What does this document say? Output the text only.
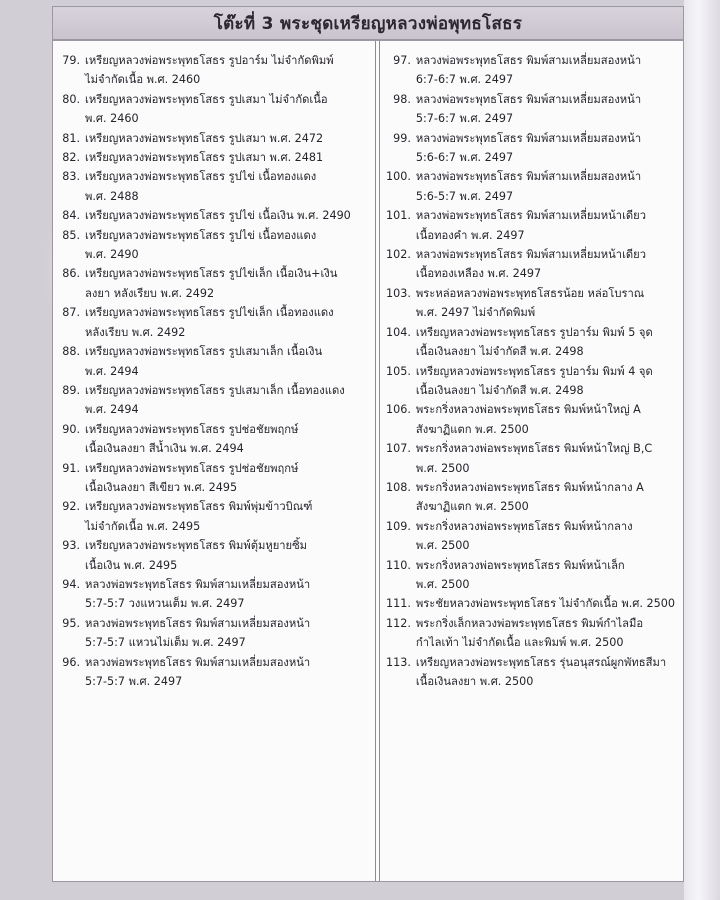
โต๊ะที่ 3 พระชุดเหรียญหลวงพ่อพุทธโสธร
79. เหรียญหลวงพ่อพระพุทธโสธร รูปอาร์ม ไม่จำกัดพิมพ์
ไม่จำกัดเนื้อ พ.ศ. 2460
80. เหรียญหลวงพ่อพระพุทธโสธร รูปเสมา ไม่จำกัดเนื้อ
พ.ศ. 2460
81. เหรียญหลวงพ่อพระพุทธโสธร รูปเสมา พ.ศ. 2472
82. เหรียญหลวงพ่อพระพุทธโสธร รูปเสมา พ.ศ. 2481
83. เหรียญหลวงพ่อพระพุทธโสธร รูปไข่ เนื้อทองแดง
พ.ศ. 2488
84. เหรียญหลวงพ่อพระพุทธโสธร รูปไข่ เนื้อเงิน พ.ศ. 2490
85. เหรียญหลวงพ่อพระพุทธโสธร รูปไข่ เนื้อทองแดง
พ.ศ. 2490
86. เหรียญหลวงพ่อพระพุทธโสธร รูปไข่เล็ก เนื้อเงิน+เงิน
ลงยา หลังเรียบ พ.ศ. 2492
87. เหรียญหลวงพ่อพระพุทธโสธร รูปไข่เล็ก เนื้อทองแดง
หลังเรียบ พ.ศ. 2492
88. เหรียญหลวงพ่อพระพุทธโสธร รูปเสมาเล็ก เนื้อเงิน
พ.ศ. 2494
89. เหรียญหลวงพ่อพระพุทธโสธร รูปเสมาเล็ก เนื้อทองแดง
พ.ศ. 2494
90. เหรียญหลวงพ่อพระพุทธโสธร รูปช่อชัยพฤกษ์
เนื้อเงินลงยา สีน้ำเงิน พ.ศ. 2494
91. เหรียญหลวงพ่อพระพุทธโสธร รูปช่อชัยพฤกษ์
เนื้อเงินลงยา สีเขียว พ.ศ. 2495
92. เหรียญหลวงพ่อพระพุทธโสธร พิมพ์พุ่มข้าวบิณฑ์
ไม่จำกัดเนื้อ พ.ศ. 2495
93. เหรียญหลวงพ่อพระพุทธโสธร พิมพ์ตุ้มหูยายซิ้ม
เนื้อเงิน พ.ศ. 2495
94. หลวงพ่อพระพุทธโสธร พิมพ์สามเหลี่ยมสองหน้า
5:7-5:7 วงแหวนเต็ม พ.ศ. 2497
95. หลวงพ่อพระพุทธโสธร พิมพ์สามเหลี่ยมสองหน้า
5:7-5:7 แหวนไม่เต็ม พ.ศ. 2497
96. หลวงพ่อพระพุทธโสธร พิมพ์สามเหลี่ยมสองหน้า
5:7-5:7 พ.ศ. 2497
97. หลวงพ่อพระพุทธโสธร พิมพ์สามเหลี่ยมสองหน้า
6:7-6:7 พ.ศ. 2497
98. หลวงพ่อพระพุทธโสธร พิมพ์สามเหลี่ยมสองหน้า
5:7-6:7 พ.ศ. 2497
99. หลวงพ่อพระพุทธโสธร พิมพ์สามเหลี่ยมสองหน้า
5:6-6:7 พ.ศ. 2497
100. หลวงพ่อพระพุทธโสธร พิมพ์สามเหลี่ยมสองหน้า
5:6-5:7 พ.ศ. 2497
101. หลวงพ่อพระพุทธโสธร พิมพ์สามเหลี่ยมหน้าเดียว
เนื้อทองคำ พ.ศ. 2497
102. หลวงพ่อพระพุทธโสธร พิมพ์สามเหลี่ยมหน้าเดียว
เนื้อทองเหลือง พ.ศ. 2497
103. พระหล่อหลวงพ่อพระพุทธโสธรน้อย หล่อโบราณ
พ.ศ. 2497 ไม่จำกัดพิมพ์
104. เหรียญหลวงพ่อพระพุทธโสธร รูปอาร์ม พิมพ์ 5 จุด
เนื้อเงินลงยา ไม่จำกัดสี พ.ศ. 2498
105. เหรียญหลวงพ่อพระพุทธโสธร รูปอาร์ม พิมพ์ 4 จุด
เนื้อเงินลงยา ไม่จำกัดสี พ.ศ. 2498
106. พระกริ่งหลวงพ่อพระพุทธโสธร พิมพ์หน้าใหญ่ A
สังฆาฏิแตก พ.ศ. 2500
107. พระกริ่งหลวงพ่อพระพุทธโสธร พิมพ์หน้าใหญ่ B,C
พ.ศ. 2500
108. พระกริ่งหลวงพ่อพระพุทธโสธร พิมพ์หน้ากลาง A
สังฆาฏิแตก พ.ศ. 2500
109. พระกริ่งหลวงพ่อพระพุทธโสธร พิมพ์หน้ากลาง
พ.ศ. 2500
110. พระกริ่งหลวงพ่อพระพุทธโสธร พิมพ์หน้าเล็ก
พ.ศ. 2500
111. พระชัยหลวงพ่อพระพุทธโสธร ไม่จำกัดเนื้อ พ.ศ. 2500
112. พระกริ่งเล็กหลวงพ่อพระพุทธโสธร พิมพ์กำไลมือ
กำไลเท้า ไม่จำกัดเนื้อ และพิมพ์ พ.ศ. 2500
113. เหรียญหลวงพ่อพระพุทธโสธร รุ่นอนุสรณ์ผูกพัทธสีมา
เนื้อเงินลงยา พ.ศ. 2500
